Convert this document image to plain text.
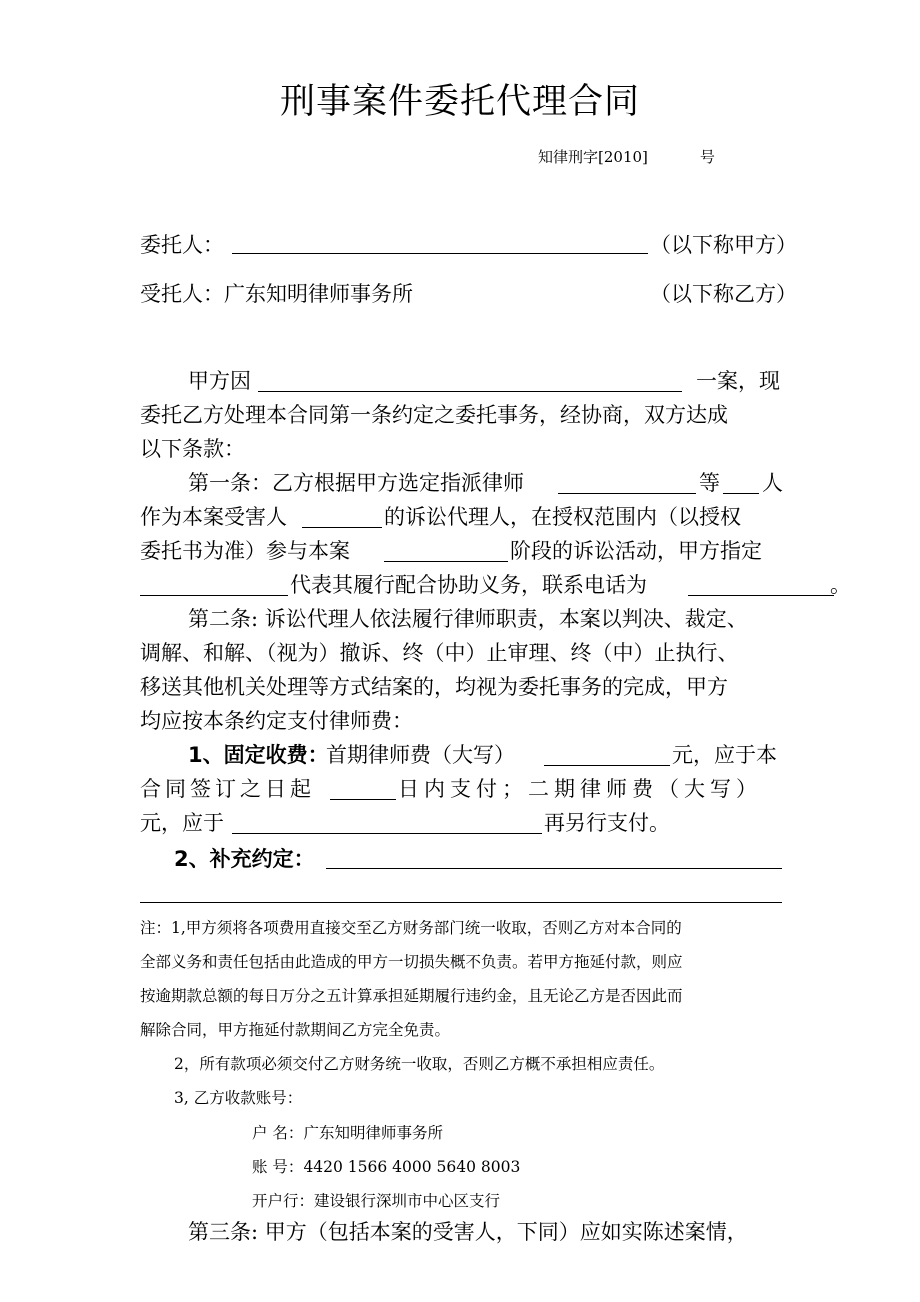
刑事案件委托代理合同
知律刑字[2010]	号
委托人：	（以下称甲方）
受托人：广东知明律师事务所	（以下称乙方）
甲方因	一案，现
委托乙方处理本合同第一条约定之委托事务，经协商，双方达成
以下条款：
第一条：乙方根据甲方选定指派律师	等 人
作为本案受害人	的诉讼代理人，在授权范围内（以授权
委托书为准）参与本案	阶段的诉讼活动，甲方指定
代表其履行配合协助义务，联系电话为	。
第二条: 诉讼代理人依法履行律师职责，本案以判决、裁定、
调解、和解、（视为）撤诉、终（中）止审理、终（中）止执行、
移送其他机关处理等方式结案的，均视为委托事务的完成，甲方
均应按本条约定支付律师费：
1、固定收费：
首期律师费（大写）	元，应于本
合同签订之日起	日内支付；二期律师费（大写）
元，应于	再另行支付。
2、补充约定：
注：1,甲方须将各项费用直接交至乙方财务部门统一收取，否则乙方对本合同的
全部义务和责任包括由此造成的甲方一切损失概不负责。若甲方拖延付款，则应
按逾期款总额的每日万分之五计算承担延期履行违约金，且无论乙方是否因此而
解除合同，甲方拖延付款期间乙方完全免责。
2，所有款项必须交付乙方财务统一收取，否则乙方概不承担相应责任。
3, 乙方收款账号：
户 名：广东知明律师事务所
账 号：4420 1566 4000 5640 8003
开户行：建设银行深圳市中心区支行
第三条: 甲方（包括本案的受害人，下同）应如实陈述案情，
